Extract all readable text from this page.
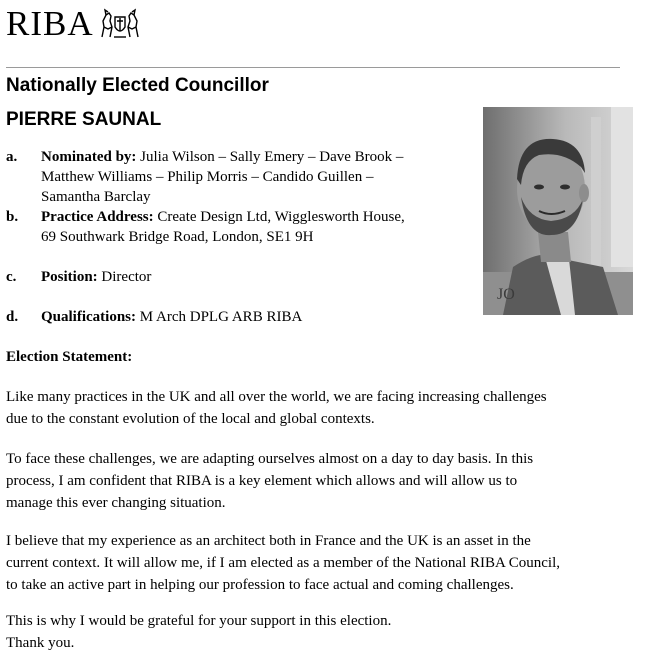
RIBA
Nationally Elected Councillor
PIERRE SAUNAL
JO
a.	Nominated by: Julia Wilson – Sally Emery – Dave Brook –
Matthew Williams – Philip Morris – Candido Guillen –
Samantha Barclay
b.	Practice Address: Create Design Ltd, Wigglesworth House,
69 Southwark Bridge Road, London, SE1 9H
c.	Position: Director
d.	Qualifications: M Arch DPLG ARB RIBA
Election Statement:
Like many practices in the UK and all over the world, we are facing increasing challenges
due to the constant evolution of the local and global contexts.
To face these challenges, we are adapting ourselves almost on a day to day basis. In this
process, I am confident that RIBA is a key element which allows and will allow us to
manage this ever changing situation.
I believe that my experience as an architect both in France and the UK is an asset in the
current context. It will allow me, if I am elected as a member of the National RIBA Council,
to take an active part in helping our profession to face actual and coming challenges.
This is why I would be grateful for your support in this election.
Thank you.
